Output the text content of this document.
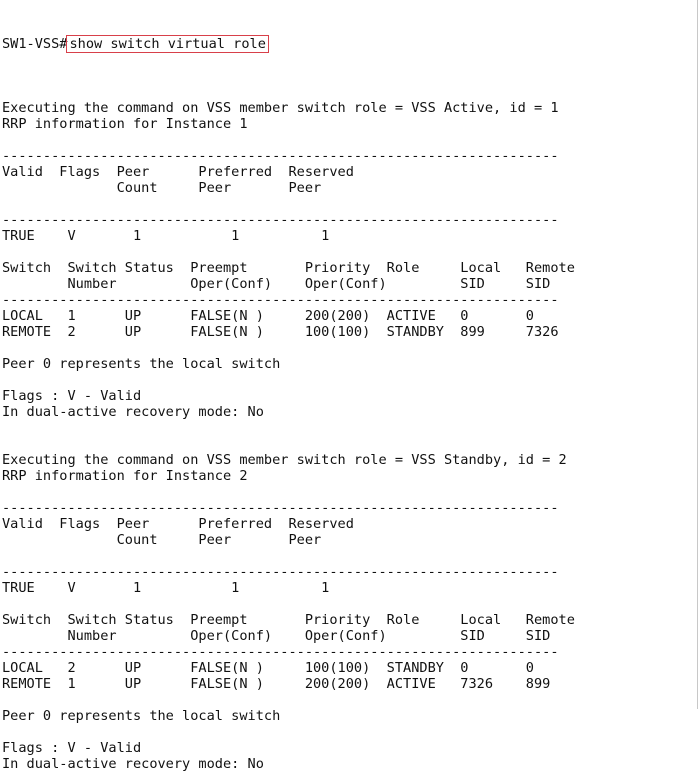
SW1-VSS# show switch virtual role

Executing the command on VSS member switch role = VSS Active, id = 1
RRP information for Instance 1
--------------------------------------------------------------------
Valid  Flags  Peer      Preferred  Reserved
Count     Peer       Peer
--------------------------------------------------------------------
TRUE    V       1           1          1
Switch  Switch Status  Preempt       Priority  Role     Local   Remote
Number         Oper(Conf)    Oper(Conf)         SID     SID
--------------------------------------------------------------------
LOCAL   1      UP      FALSE(N )     200(200)  ACTIVE   0       0
REMOTE  2      UP      FALSE(N )     100(100)  STANDBY  899     7326
Peer 0 represents the local switch
Flags : V - Valid
In dual-active recovery mode: No
Executing the command on VSS member switch role = VSS Standby, id = 2
RRP information for Instance 2
--------------------------------------------------------------------
Valid  Flags  Peer      Preferred  Reserved
Count     Peer       Peer
--------------------------------------------------------------------
TRUE    V       1           1          1
Switch  Switch Status  Preempt       Priority  Role     Local   Remote
Number         Oper(Conf)    Oper(Conf)         SID     SID
--------------------------------------------------------------------
LOCAL   2      UP      FALSE(N )     100(100)  STANDBY  0       0
REMOTE  1      UP      FALSE(N )     200(200)  ACTIVE   7326    899
Peer 0 represents the local switch
Flags : V - Valid
In dual-active recovery mode: No
